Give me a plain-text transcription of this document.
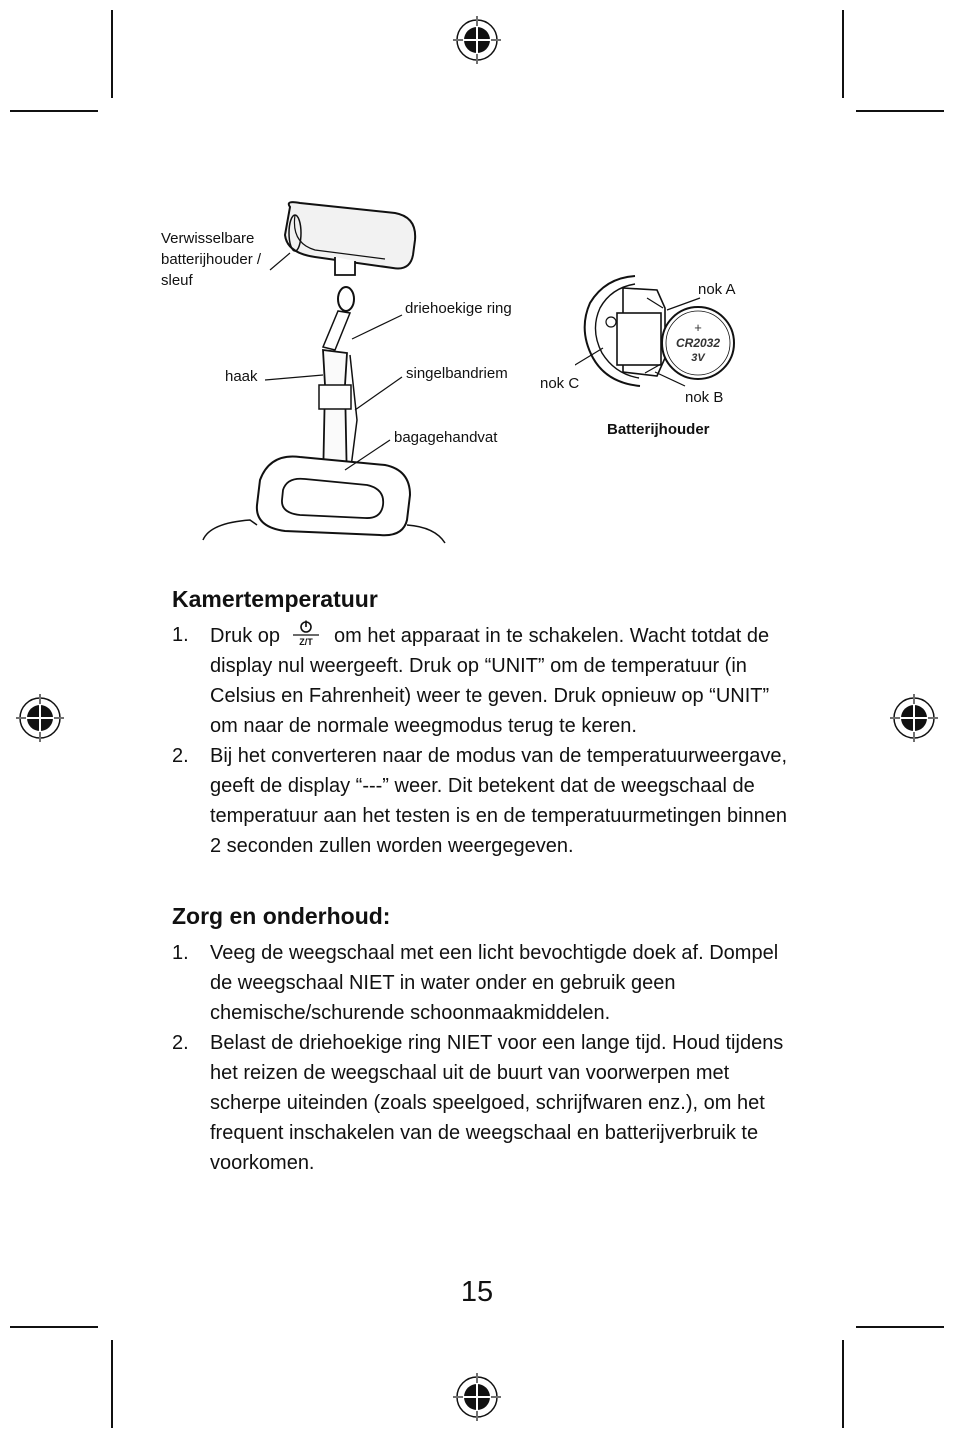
Verwisselbare
batterijhouder /
sleuf
driehoekige ring
haak	singelbandriem
bagagehandvat
+
CR2032
3V
nok A
nok B
nok C
Batterijhouder
Kamertemperatuur
1. Druk op Z/T om het apparaat in te schakelen. Wacht totdat de display nul weergeeft. Druk op “UNIT” om de temperatuur (in Celsius en Fahrenheit) weer te geven. Druk opnieuw op “UNIT” om naar de normale weegmodus terug te keren.
2. Bij het converteren naar de modus van de temperatuurweergave, geeft de display “---” weer. Dit betekent dat de weegschaal de temperatuur aan het testen is en de temperatuurmetingen binnen 2 seconden zullen worden weergegeven.
Zorg en onderhoud:
1. Veeg de weegschaal met een licht bevochtigde doek af. Dompel de weegschaal NIET in water onder en gebruik geen chemische/schurende schoonmaakmiddelen.
2. Belast de driehoekige ring NIET voor een lange tijd. Houd tijdens het reizen de weegschaal uit de buurt van voorwerpen met scherpe uiteinden (zoals speelgoed, schrijfwaren enz.), om het frequent inschakelen van de weegschaal en batterijverbruik te voorkomen.
15
